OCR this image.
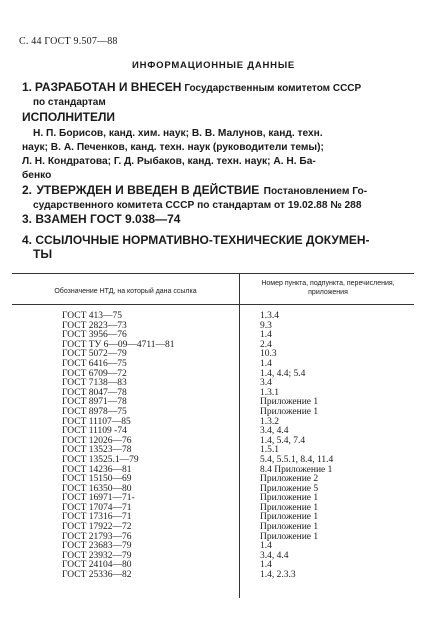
С. 44 ГОСТ 9.507—88
ИНФОРМАЦИОННЫЕ ДАННЫЕ
1. РАЗРАБОТАН И ВНЕСЕН Государственным комитетом СССР
по стандартам
ИСПОЛНИТЕЛИ
Н. П. Борисов, канд. хим. наук; В. В. Малунов, канд. техн.
наук; В. А. Печенков, канд. техн. наук (руководители темы);
Л. Н. Кондратова; Г. Д. Рыбаков, канд. техн. наук; А. Н. Ба-
бенко
2. УТВЕРЖДЕН И ВВЕДЕН В ДЕЙСТВИЕ Постановлением Го-
сударственного комитета СССР по стандартам от 19.02.88 № 288
3. ВЗАМЕН ГОСТ 9.038—74
4. ССЫЛОЧНЫЕ НОРМАТИВНО-ТЕХНИЧЕСКИЕ ДОКУМЕН-
ТЫ
Обозначение НТД, на который дана ссылка
Номер пункта, подпункта, перечисления,
приложения
ГОСТ 413—75	1.3.4
ГОСТ 2823—73	9.3
ГОСТ 3956—76	1.4
ГОСТ ТУ 6—09—4711—81	2.4
ГОСТ 5072—79	10.3
ГОСТ 6416—75	1.4
ГОСТ 6709—72	1.4, 4.4; 5.4
ГОСТ 7138—83	3.4
ГОСТ 8047—78	1.3.1
ГОСТ 8971—78	Приложение 1
ГОСТ 8978—75	Приложение 1
ГОСТ 11107—85	1.3.2
ГОСТ 11109 -74	3.4, 4.4
ГОСТ 12026—76	1.4, 5.4, 7.4
ГОСТ 13523—78	1.5.1
ГОСТ 13525.1—79	5.4, 5.5.1, 8.4, 11.4
ГОСТ 14236—81	8.4 Приложение 1
ГОСТ 15150—69	Приложение 2
ГОСТ 16350—80	Приложение 5
ГОСТ 16971—71-	Приложение 1
ГОСТ 17074—71	Приложение 1
ГОСТ 17316—71	Приложение 1
ГОСТ 17922—72	Приложение 1
ГОСТ 21793—76	Приложение 1
ГОСТ 23683—79	1.4
ГОСТ 23932—79	3.4, 4.4
ГОСТ 24104—80	1.4
ГОСТ 25336—82	1.4, 2.3.3
